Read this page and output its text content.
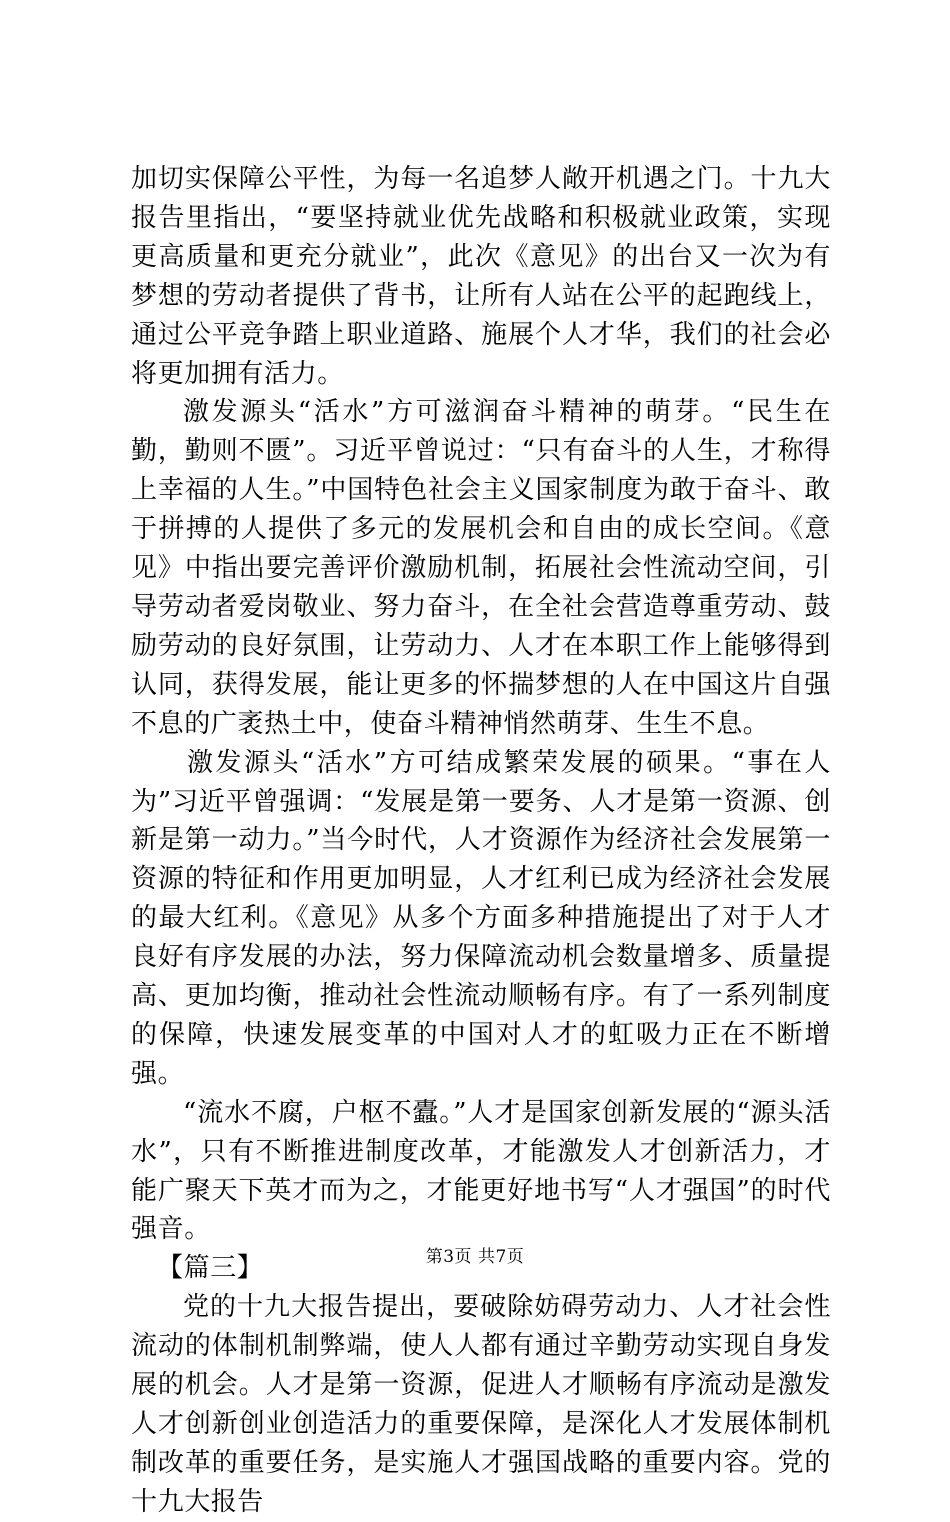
加切实保障公平性，为每一名追梦人敞开机遇之门。十九大报告里指出，“要坚持就业优先战略和积极就业政策，实现更高质量和更充分就业”，此次《意见》的出台又一次为有梦想的劳动者提供了背书，让所有人站在公平的起跑线上，通过公平竞争踏上职业道路、施展个人才华，我们的社会必将更加拥有活力。

激发源头“活水”方可滋润奋斗精神的萌芽。“民生在勤，勤则不匮”。习近平曾说过：“只有奋斗的人生，才称得上幸福的人生。”中国特色社会主义国家制度为敢于奋斗、敢于拼搏的人提供了多元的发展机会和自由的成长空间。《意见》中指出要完善评价激励机制，拓展社会性流动空间，引导劳动者爱岗敬业、努力奋斗，在全社会营造尊重劳动、鼓励劳动的良好氛围，让劳动力、人才在本职工作上能够得到认同，获得发展，能让更多的怀揣梦想的人在中国这片自强不息的广袤热土中，使奋斗精神悄然萌芽、生生不息。

激发源头“活水”方可结成繁荣发展的硕果。“事在人为”习近平曾强调：“发展是第一要务、人才是第一资源、创新是第一动力。”当今时代，人才资源作为经济社会发展第一资源的特征和作用更加明显，人才红利已成为经济社会发展的最大红利。《意见》从多个方面多种措施提出了对于人才良好有序发展的办法，努力保障流动机会数量增多、质量提高、更加均衡，推动社会性流动顺畅有序。有了一系列制度的保障，快速发展变革的中国对人才的虹吸力正在不断增强。

“流水不腐，户枢不蠹。”人才是国家创新发展的“源头活水”，只有不断推进制度改革，才能激发人才创新活力，才能广聚天下英才而为之，才能更好地书写“人才强国”的时代强音。

【篇三】

党的十九大报告提出，要破除妨碍劳动力、人才社会性流动的体制机制弊端，使人人都有通过辛勤劳动实现自身发展的机会。人才是第一资源，促进人才顺畅有序流动是激发人才创新创业创造活力的重要保障，是深化人才发展体制机制改革的重要任务，是实施人才强国战略的重要内容。党的十九大报告

第3页 共7页
